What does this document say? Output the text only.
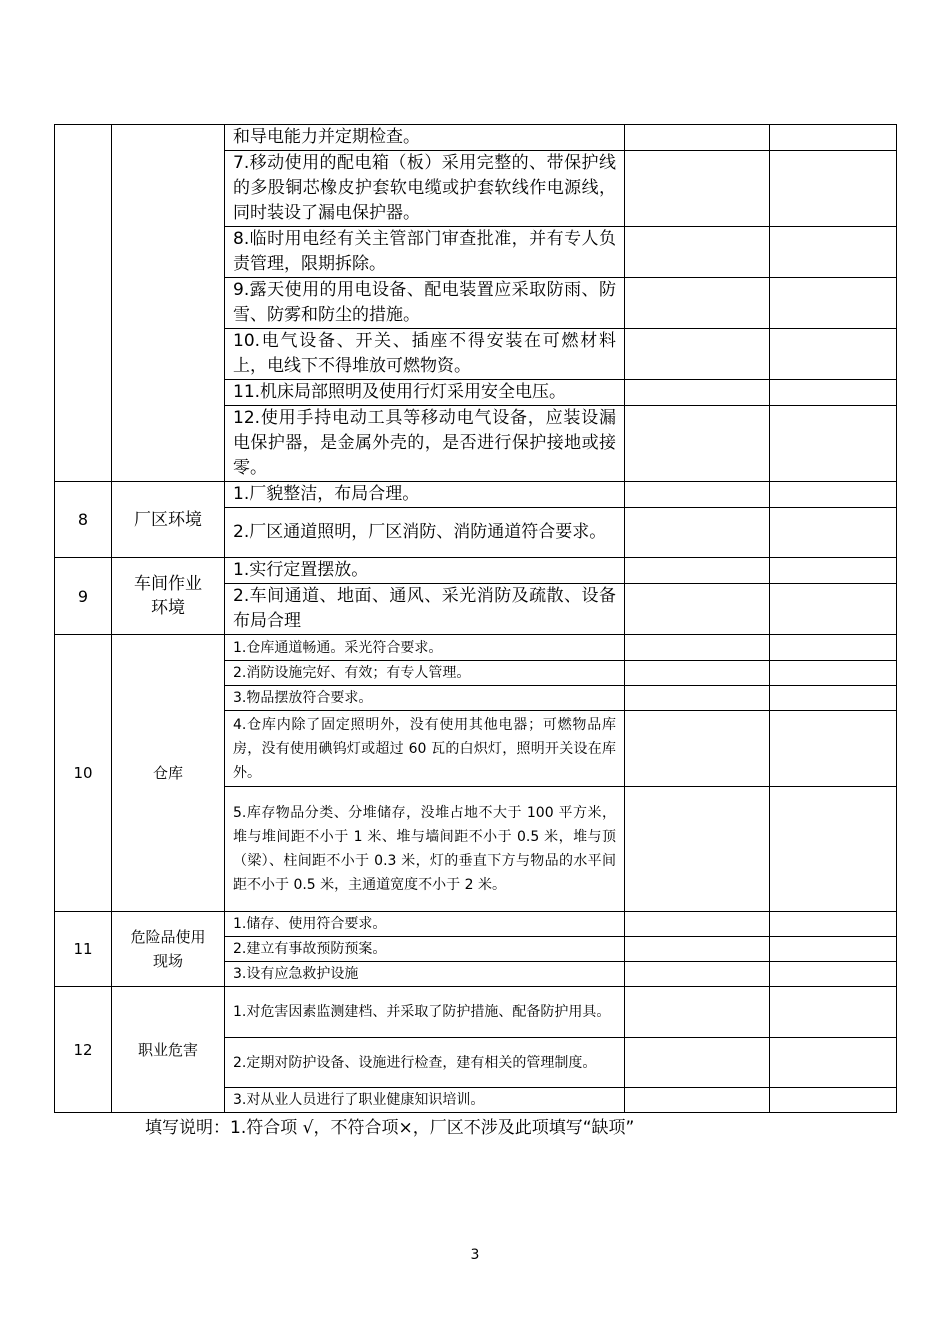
		和导电能力并定期检查。		
		7.移动使用的配电箱（板）采用完整的、带保护线的多股铜芯橡皮护套软电缆或护套软线作电源线，同时装设了漏电保护器。		
		8.临时用电经有关主管部门审查批准，并有专人负责管理，限期拆除。		
		9.露天使用的用电设备、配电装置应采取防雨、防雪、防雾和防尘的措施。		
		10.电气设备、开关、插座不得安装在可燃材料上，电线下不得堆放可燃物资。		
		11.机床局部照明及使用行灯采用安全电压。		
		12.使用手持电动工具等移动电气设备，应装设漏电保护器，是金属外壳的，是否进行保护接地或接零。		
8	厂区环境	1.厂貌整洁，布局合理。		
		2.厂区通道照明，厂区消防、消防通道符合要求。		
9	车间作业环境	1.实行定置摆放。		
		2.车间通道、地面、通风、采光消防及疏散、设备布局合理		
10	仓库	1.仓库通道畅通。采光符合要求。		
		2.消防设施完好、有效；有专人管理。		
		3.物品摆放符合要求。		
		4.仓库内除了固定照明外，没有使用其他电器；可燃物品库房，没有使用碘钨灯或超过 60 瓦的白炽灯，照明开关设在库外。		
		5.库存物品分类、分堆储存，没堆占地不大于 100 平方米，堆与堆间距不小于 1 米、堆与墙间距不小于 0.5 米，堆与顶（梁）、柱间距不小于 0.3 米，灯的垂直下方与物品的水平间距不小于 0.5 米，主通道宽度不小于 2 米。		
11	危险品使用现场	1.储存、使用符合要求。		
		2.建立有事故预防预案。		
		3.设有应急救护设施		
12	职业危害	1.对危害因素监测建档、并采取了防护措施、配备防护用具。		
		2.定期对防护设备、设施进行检查，建有相关的管理制度。		
		3.对从业人员进行了职业健康知识培训。		
填写说明：1.符合项 √，不符合项×，厂区不涉及此项填写“缺项”
3
